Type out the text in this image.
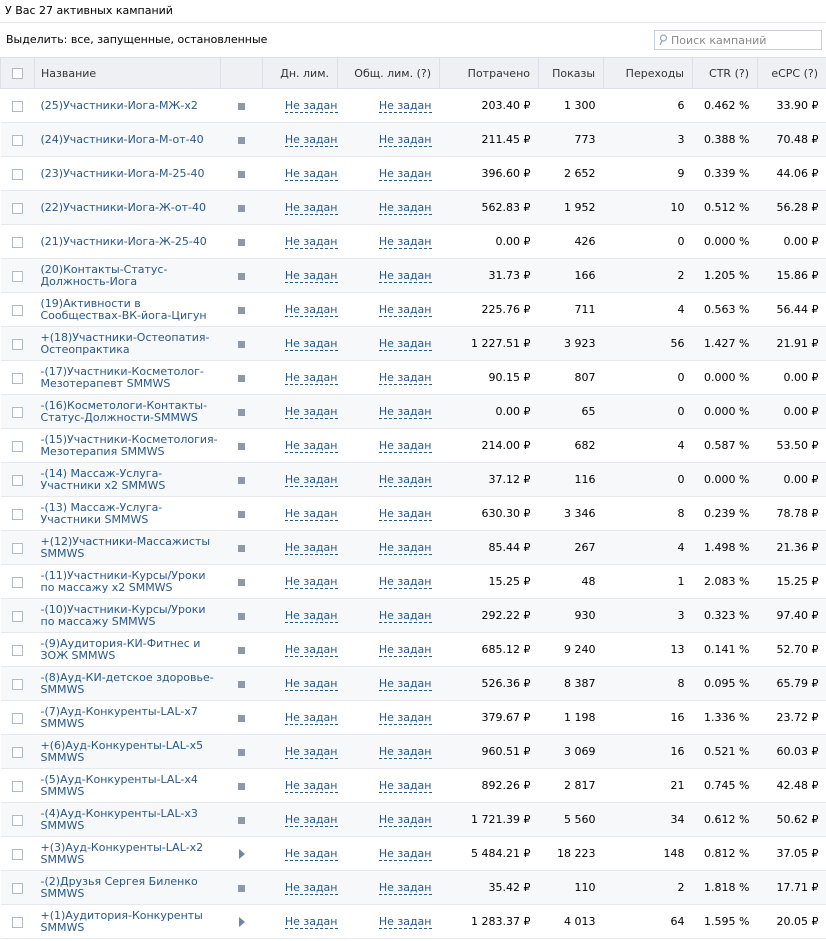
У Вас 27 активных кампаний
Выделить: все, запущенные, остановленные
Поиск кампаний
	Название		Дн. лим.	Общ. лим. (?)	Потрачено	Показы	Переходы	CTR (?)	eCPC (?)
	(25)Участники-Иога-МЖ-х2		Не задан	Не задан	203.40 ₽	1 300	6	0.462 %	33.90 ₽
	(24)Участники-Иога-М-от-40		Не задан	Не задан	211.45 ₽	773	3	0.388 %	70.48 ₽
	(23)Участники-Иога-М-25-40		Не задан	Не задан	396.60 ₽	2 652	9	0.339 %	44.06 ₽
	(22)Участники-Иога-Ж-от-40		Не задан	Не задан	562.83 ₽	1 952	10	0.512 %	56.28 ₽
	(21)Участники-Иога-Ж-25-40		Не задан	Не задан	0.00 ₽	426	0	0.000 %	0.00 ₽
	(20)Контакты-Статус-Должность-Иога		Не задан	Не задан	31.73 ₽	166	2	1.205 %	15.86 ₽
	(19)Активности в Сообществах-ВК-йога-Цигун		Не задан	Не задан	225.76 ₽	711	4	0.563 %	56.44 ₽
	+(18)Участники-Остеопатия-Остеопрактика		Не задан	Не задан	1 227.51 ₽	3 923	56	1.427 %	21.91 ₽
	-(17)Участники-Косметолог-Мезотерапевт SMMWS		Не задан	Не задан	90.15 ₽	807	0	0.000 %	0.00 ₽
	-(16)Косметологи-Контакты-Статус-Должности-SMMWS		Не задан	Не задан	0.00 ₽	65	0	0.000 %	0.00 ₽
	-(15)Участники-Косметология-Мезотерапия SMMWS		Не задан	Не задан	214.00 ₽	682	4	0.587 %	53.50 ₽
	-(14) Массаж-Услуга-Участники х2 SMMWS		Не задан	Не задан	37.12 ₽	116	0	0.000 %	0.00 ₽
	-(13) Массаж-Услуга-Участники SMMWS		Не задан	Не задан	630.30 ₽	3 346	8	0.239 %	78.78 ₽
	+(12)Участники-Массажисты SMMWS		Не задан	Не задан	85.44 ₽	267	4	1.498 %	21.36 ₽
	-(11)Участники-Курсы/Уроки по массажу х2 SMMWS		Не задан	Не задан	15.25 ₽	48	1	2.083 %	15.25 ₽
	-(10)Участники-Курсы/Уроки по массажу SMMWS		Не задан	Не задан	292.22 ₽	930	3	0.323 %	97.40 ₽
	-(9)Аудитория-КИ-Фитнес и ЗОЖ SMMWS		Не задан	Не задан	685.12 ₽	9 240	13	0.141 %	52.70 ₽
	-(8)Ауд-КИ-детское здоровье-SMMWS		Не задан	Не задан	526.36 ₽	8 387	8	0.095 %	65.79 ₽
	-(7)Ауд-Конкуренты-LAL-х7 SMMWS		Не задан	Не задан	379.67 ₽	1 198	16	1.336 %	23.72 ₽
	+(6)Ауд-Конкуренты-LAL-х5 SMMWS		Не задан	Не задан	960.51 ₽	3 069	16	0.521 %	60.03 ₽
	-(5)Ауд-Конкуренты-LAL-х4 SMMWS		Не задан	Не задан	892.26 ₽	2 817	21	0.745 %	42.48 ₽
	-(4)Ауд-Конкуренты-LAL-х3 SMMWS		Не задан	Не задан	1 721.39 ₽	5 560	34	0.612 %	50.62 ₽
	+(3)Ауд-Конкуренты-LAL-х2 SMMWS		Не задан	Не задан	5 484.21 ₽	18 223	148	0.812 %	37.05 ₽
	-(2)Друзья Сергея Биленко SMMWS		Не задан	Не задан	35.42 ₽	110	2	1.818 %	17.71 ₽
	+(1)Аудитория-Конкуренты SMMWS		Не задан	Не задан	1 283.37 ₽	4 013	64	1.595 %	20.05 ₽
